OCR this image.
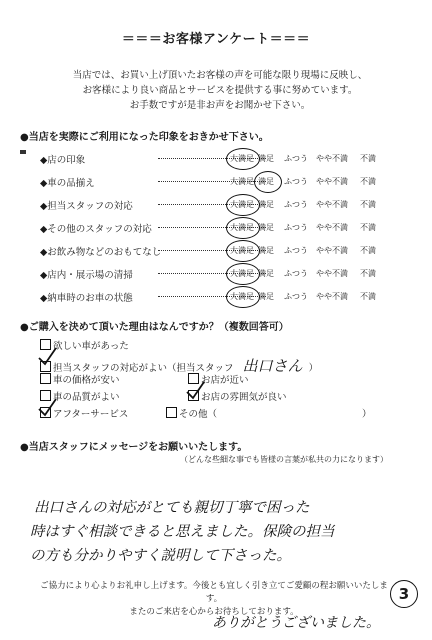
＝＝＝お客様アンケート＝＝＝
当店では、お買い上げ頂いたお客様の声を可能な限り現場に反映し、
お客様により良い商品とサービスを提供する事に努めています。
お手数ですが是非お声をお聞かせ下さい。
●当店を実際にご利用になった印象をおきかせ下さい。
◆店の印象	大満足 満足 ふつう やや不満 不満
◆車の品揃え	大満足 満足 ふつう やや不満 不満
◆担当スタッフの対応	大満足 満足 ふつう やや不満 不満
◆その他のスタッフの対応	大満足 満足 ふつう やや不満 不満
◆お飲み物などのおもてなし	大満足 満足 ふつう やや不満 不満
◆店内・展示場の清掃	大満足 満足 ふつう やや不満 不満
◆納車時のお車の状態	大満足 満足 ふつう やや不満 不満
●ご購入を決めて頂いた理由はなんですか？（複数回答可）
欲しい車があった
担当スタッフの対応がよい（担当スタッフ 出口さん ）
車の価格が安い	お店が近い
車の品質がよい	お店の雰囲気が良い
アフターサービス	その他（	）
●当店スタッフにメッセージをお願いいたします。
（どんな些細な事でも皆様の言葉が私共の力になります）
出口さんの対応がとても親切丁寧で困った
時はすぐ相談できると思えました。保険の担当
の方も分かりやすく説明して下さった。
ご協力により心よりお礼申し上げます。今後とも宜しく引き立てご愛顧の程お願いいたします。
またのご来店を心からお待ちしております。
3
ありがとうございました。
